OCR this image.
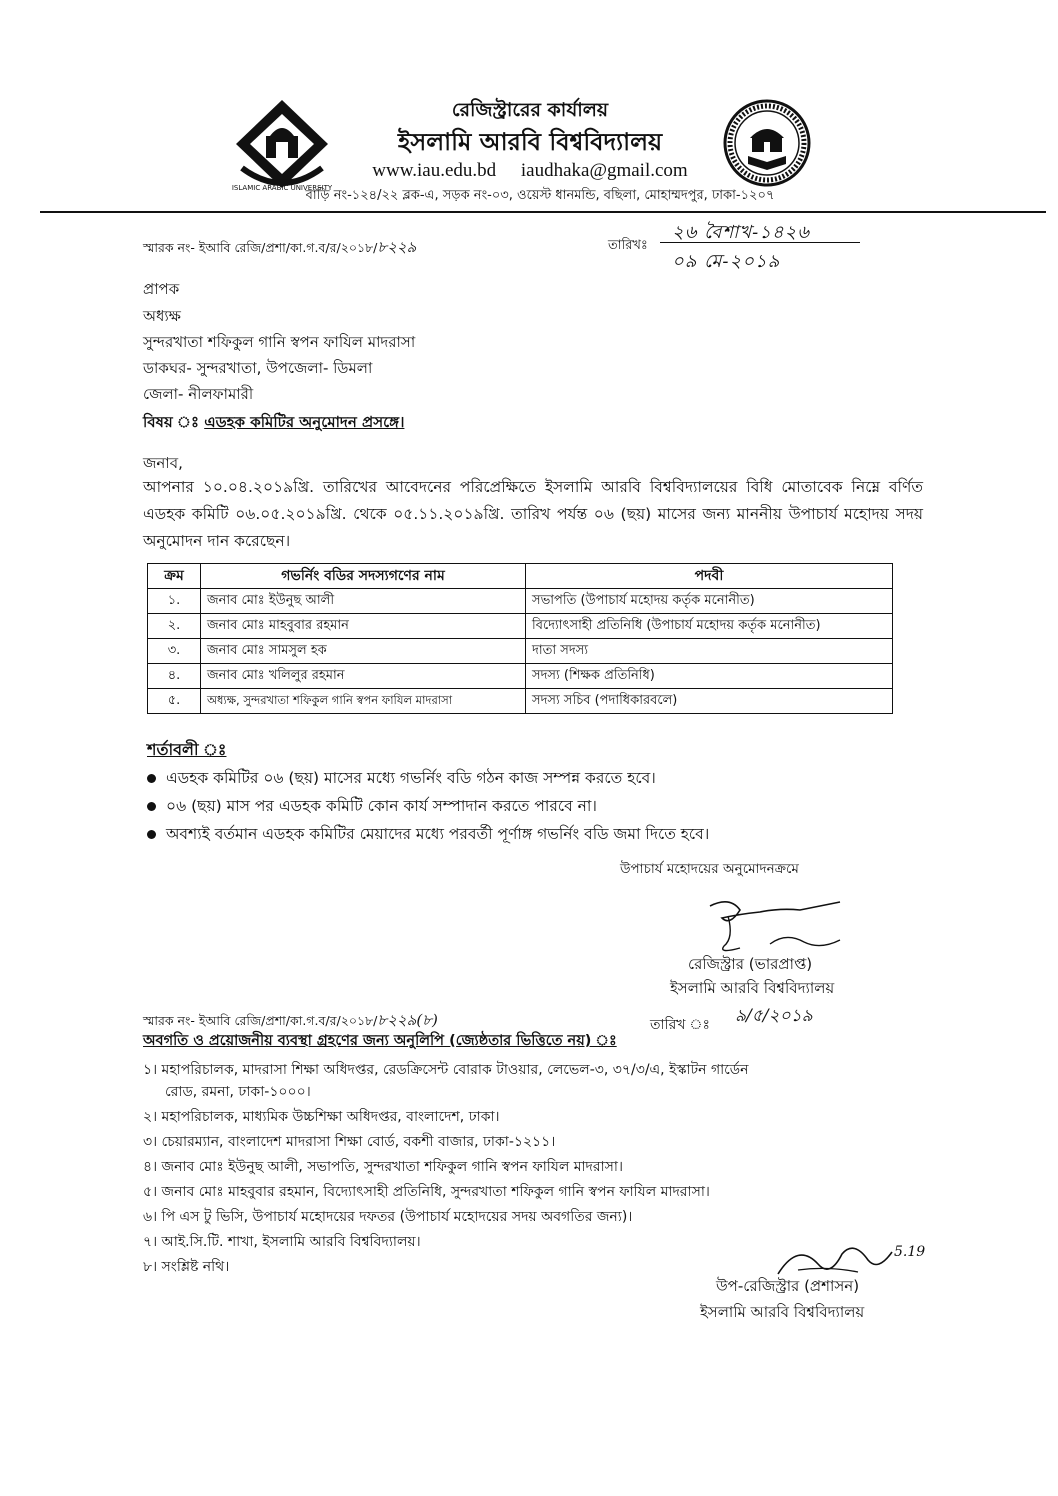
ISLAMIC ARABIC UNIVERSITY
রেজিস্ট্রারের কার্যালয়
ইসলামি আরবি বিশ্ববিদ্যালয়
www.iau.edu.bd iaudhaka@gmail.com
বাড়ি নং-১২৪/২২ ব্লক-এ, সড়ক নং-০৩, ওয়েস্ট ধানমন্ডি, বছিলা, মোহাম্মদপুর, ঢাকা-১২০৭
স্মারক নং- ইআবি রেজি/প্রশা/কা.গ.ব/র/২০১৮/৮২২৯	তারিখঃ
২৬ বৈশাখ-১৪২৬
০৯ মে-২০১৯
প্রাপক
অধ্যক্ষ
সুন্দরখাতা শফিকুল গানি স্বপন ফাযিল মাদরাসা
ডাকঘর- সুন্দরখাতা, উপজেলা- ডিমলা
জেলা- নীলফামারী
বিষয় ঃ এডহক কমিটির অনুমোদন প্রসঙ্গে।
জনাব,
আপনার ১০.০৪.২০১৯খ্রি. তারিখের আবেদনের পরিপ্রেক্ষিতে ইসলামি আরবি বিশ্ববিদ্যালয়ের বিধি মোতাবেক নিম্নে বর্ণিত এডহক কমিটি ০৬.০৫.২০১৯খ্রি. থেকে ০৫.১১.২০১৯খ্রি. তারিখ পর্যন্ত ০৬ (ছয়) মাসের জন্য মাননীয় উপাচার্য মহোদয় সদয় অনুমোদন দান করেছেন।
ক্রম	গভর্নিং বডির সদস্যগণের নাম	পদবী
১.	জনাব মোঃ ইউনুছ আলী	সভাপতি (উপাচার্য মহোদয় কর্তৃক মনোনীত)
২.	জনাব মোঃ মাহবুবার রহমান	বিদ্যোৎসাহী প্রতিনিধি (উপাচার্য মহোদয় কর্তৃক মনোনীত)
৩.	জনাব মোঃ সামসুল হক	দাতা সদস্য
৪.	জনাব মোঃ খলিলুর রহমান	সদস্য (শিক্ষক প্রতিনিধি)
৫.	অধ্যক্ষ, সুন্দরখাতা শফিকুল গানি স্বপন ফাযিল মাদরাসা	সদস্য সচিব (পদাধিকারবলে)
শর্তাবলী ঃ
এডহক কমিটির ০৬ (ছয়) মাসের মধ্যে গভর্নিং বডি গঠন কাজ সম্পন্ন করতে হবে।
০৬ (ছয়) মাস পর এডহক কমিটি কোন কার্য সম্পাদান করতে পারবে না।
অবশ্যই বর্তমান এডহক কমিটির মেয়াদের মধ্যে পরবর্তী পূর্ণাঙ্গ গভর্নিং বডি জমা দিতে হবে।
উপাচার্য মহোদয়ের অনুমোদনক্রমে
রেজিস্ট্রার (ভারপ্রাপ্ত)
ইসলামি আরবি বিশ্ববিদ্যালয়
স্মারক নং- ইআবি রেজি/প্রশা/কা.গ.ব/র/২০১৮/৮২২৯(৮)	তারিখ ঃ ৯/৫/২০১৯
অবগতি ও প্রয়োজনীয় ব্যবস্থা গ্রহণের জন্য অনুলিপি (জ্যেষ্ঠতার ভিত্তিতে নয়) ঃ
১। মহাপরিচালক, মাদরাসা শিক্ষা অধিদপ্তর, রেডক্রিসেন্ট বোরাক টাওয়ার, লেভেল-৩, ৩৭/৩/এ, ইস্কাটন গার্ডেন
রোড, রমনা, ঢাকা-১০০০।
২। মহাপরিচালক, মাধ্যমিক উচ্চশিক্ষা অধিদপ্তর, বাংলাদেশ, ঢাকা।
৩। চেয়ারম্যান, বাংলাদেশ মাদরাসা শিক্ষা বোর্ড, বকশী বাজার, ঢাকা-১২১১।
৪। জনাব মোঃ ইউনুছ আলী, সভাপতি, সুন্দরখাতা শফিকুল গানি স্বপন ফাযিল মাদরাসা।
৫। জনাব মোঃ মাহবুবার রহমান, বিদ্যোৎসাহী প্রতিনিধি, সুন্দরখাতা শফিকুল গানি স্বপন ফাযিল মাদরাসা।
৬। পি এস টু ভিসি, উপাচার্য মহোদয়ের দফতর (উপাচার্য মহোদয়ের সদয় অবগতির জন্য)।
৭। আই.সি.টি. শাখা, ইসলামি আরবি বিশ্ববিদ্যালয়।
৮। সংশ্লিষ্ট নথি।
5.19
উপ-রেজিস্ট্রার (প্রশাসন)
ইসলামি আরবি বিশ্ববিদ্যালয়
